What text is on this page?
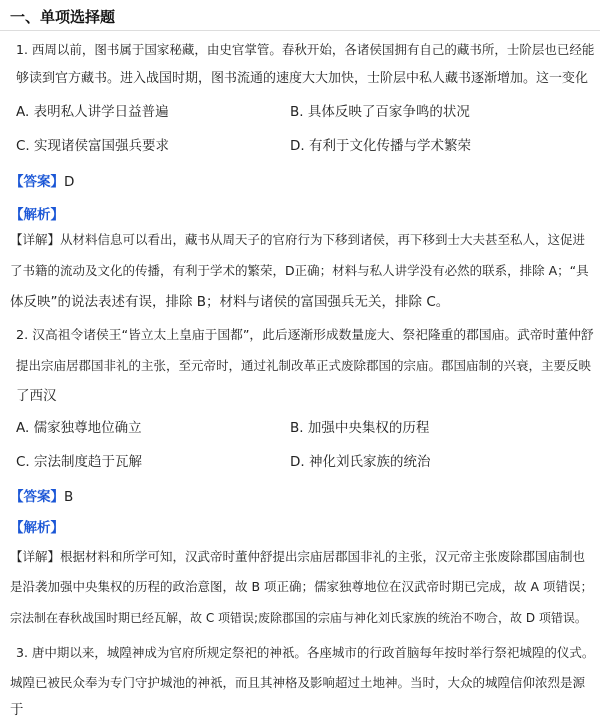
一、单项选择题
1. 西周以前，图书属于国家秘藏，由史官掌管。春秋开始，各诸侯国拥有自己的藏书所，士阶层也已经能
够读到官方藏书。进入战国时期，图书流通的速度大大加快，士阶层中私人藏书逐渐增加。这一变化
A. 表明私人讲学日益普遍	B. 具体反映了百家争鸣的状况
C. 实现诸侯富国强兵要求	D. 有利于文化传播与学术繁荣
【答案】D
【解析】
【详解】从材料信息可以看出，藏书从周天子的官府行为下移到诸侯，再下移到士大夫甚至私人，这促进
了书籍的流动及文化的传播，有利于学术的繁荣，D正确；材料与私人讲学没有必然的联系，排除 A；“具
体反映”的说法表述有误，排除 B；材料与诸侯的富国强兵无关，排除 C。
2. 汉高祖令诸侯王“皆立太上皇庙于国都”，此后逐渐形成数量庞大、祭祀隆重的郡国庙。武帝时董仲舒
提出宗庙居郡国非礼的主张，至元帝时，通过礼制改革正式废除郡国的宗庙。郡国庙制的兴衰，主要反映
了西汉
A. 儒家独尊地位确立	B. 加强中央集权的历程
C. 宗法制度趋于瓦解	D. 神化刘氏家族的统治
【答案】B
【解析】
【详解】根据材料和所学可知，汉武帝时董仲舒提出宗庙居郡国非礼的主张，汉元帝主张废除郡国庙制也
是沿袭加强中央集权的历程的政治意图，故 B 项正确；儒家独尊地位在汉武帝时期已完成，故 A 项错误；
宗法制在春秋战国时期已经瓦解，故 C 项错误;废除郡国的宗庙与神化刘氏家族的统治不吻合，故 D 项错误。
3. 唐中期以来，城隍神成为官府所规定祭祀的神祇。各座城市的行政首脑每年按时举行祭祀城隍的仪式。
城隍已被民众奉为专门守护城池的神祇，而且其神格及影响超过土地神。当时，大众的城隍信仰浓烈是源
于
